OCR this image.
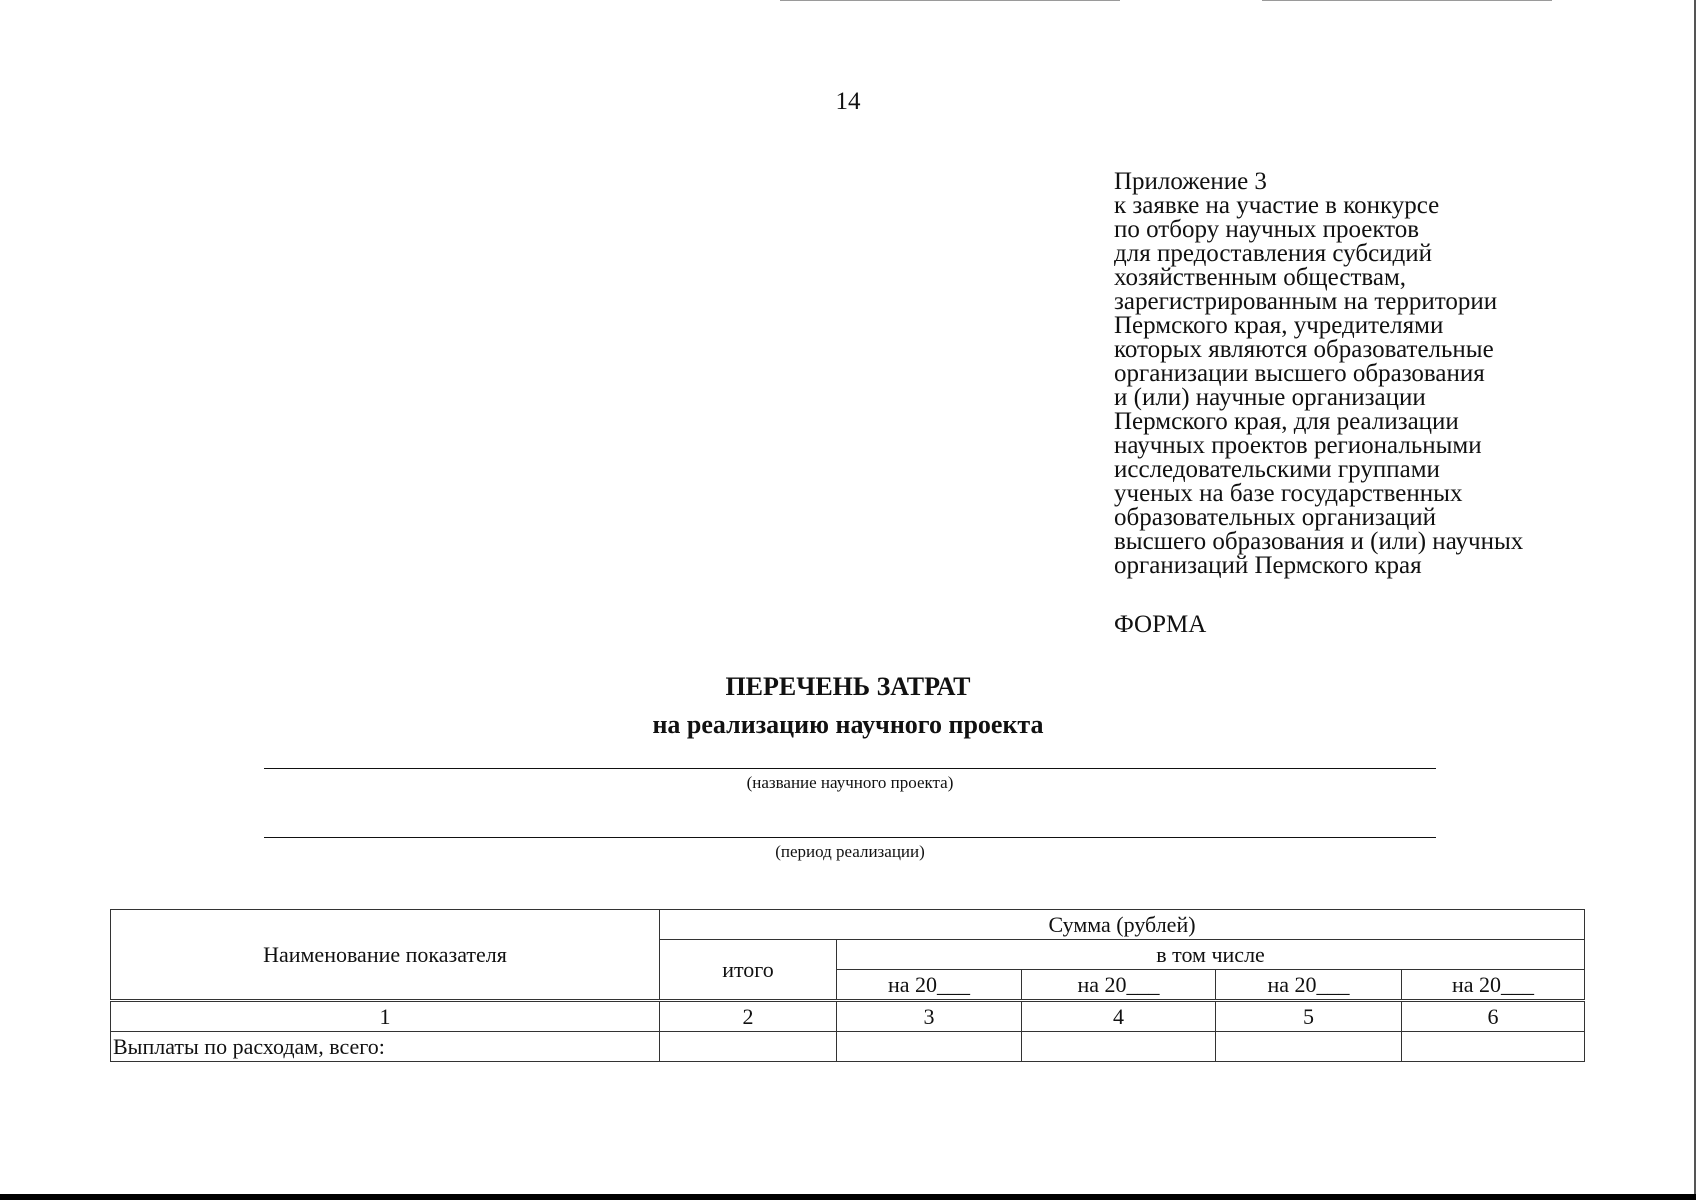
14
Приложение 3
к заявке на участие в конкурсе
по отбору научных проектов
для предоставления субсидий
хозяйственным обществам,
зарегистрированным на территории
Пермского края, учредителями
которых являются образовательные
организации высшего образования
и (или) научные организации
Пермского края, для реализации
научных проектов региональными
исследовательскими группами
ученых на базе государственных
образовательных организаций
высшего образования и (или) научных
организаций Пермского края
ФОРМА
ПЕРЕЧЕНЬ ЗАТРАТ
на реализацию научного проекта
(название научного проекта)
(период реализации)
Наименование показателя	Сумма (рублей)				
	итого	в том числе			
		на 20___	на 20___	на 20___	на 20___
1	2	3	4	5	6
Выплаты по расходам, всего:					
